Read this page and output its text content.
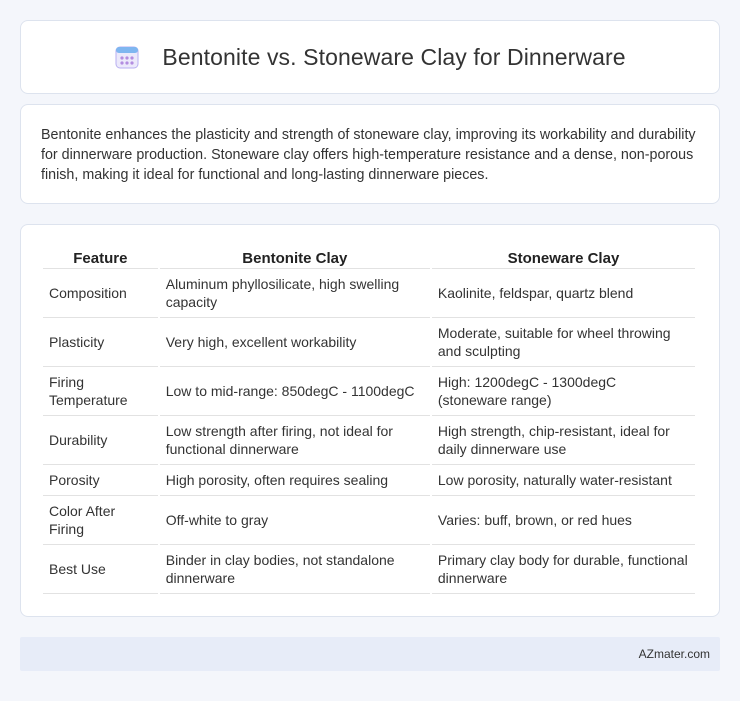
Bentonite vs. Stoneware Clay for Dinnerware

Bentonite enhances the plasticity and strength of stoneware clay, improving its workability and durability for dinnerware production. Stoneware clay offers high-temperature resistance and a dense, non-porous finish, making it ideal for functional and long-lasting dinnerware pieces.

Feature	Bentonite Clay	Stoneware Clay
Composition	Aluminum phyllosilicate, high swelling capacity	Kaolinite, feldspar, quartz blend
Plasticity	Very high, excellent workability	Moderate, suitable for wheel throwing and sculpting
Firing Temperature	Low to mid-range: 850degC - 1100degC	High: 1200degC - 1300degC (stoneware range)
Durability	Low strength after firing, not ideal for functional dinnerware	High strength, chip-resistant, ideal for daily dinnerware use
Porosity	High porosity, often requires sealing	Low porosity, naturally water-resistant
Color After Firing	Off-white to gray	Varies: buff, brown, or red hues
Best Use	Binder in clay bodies, not standalone dinnerware	Primary clay body for durable, functional dinnerware
AZmater.com
